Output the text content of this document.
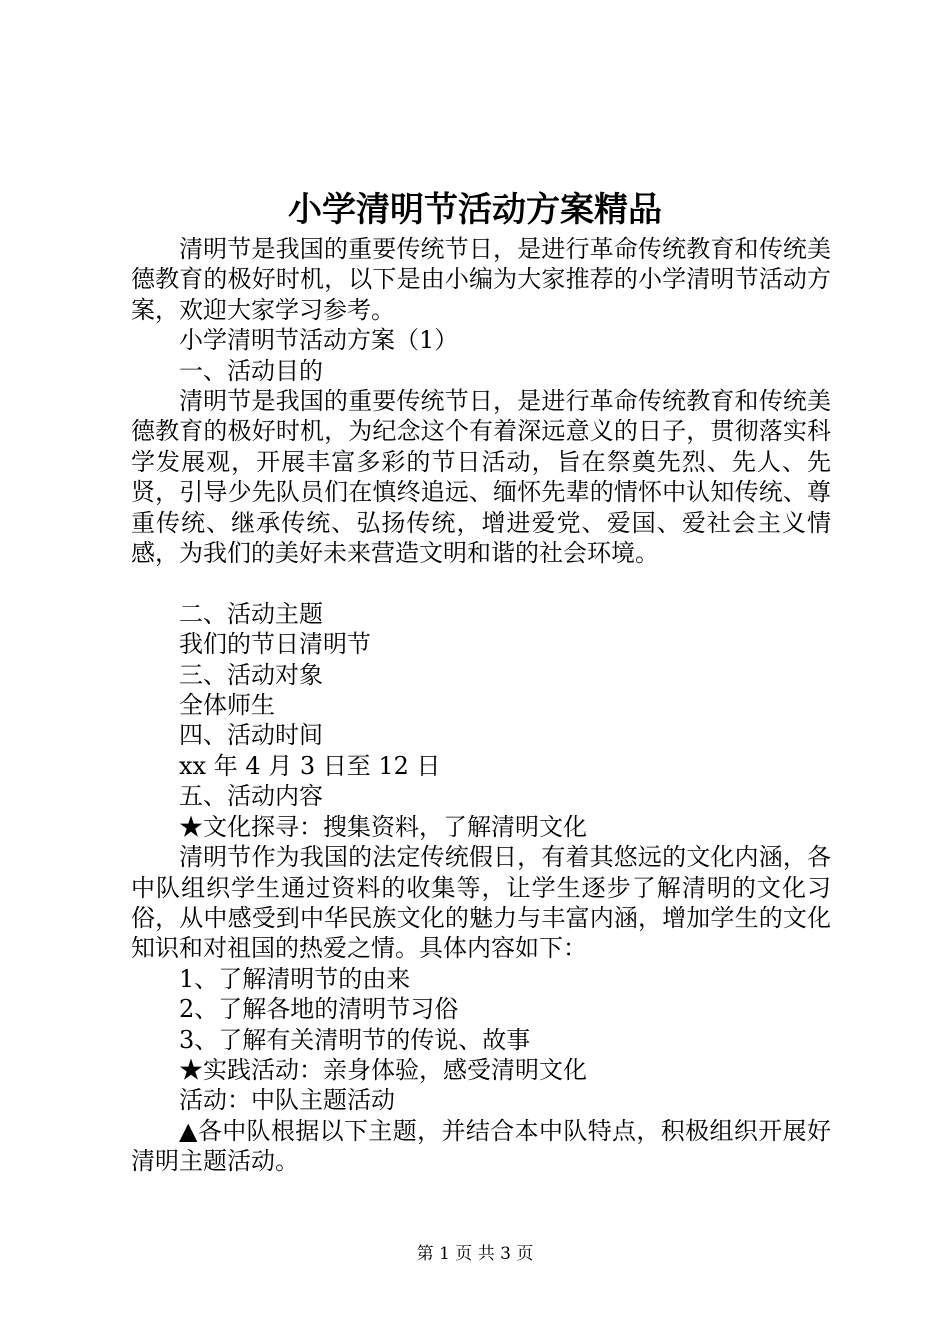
小学清明节活动方案精品

清明节是我国的重要传统节日，是进行革命传统教育和传统美德教育的极好时机，以下是由小编为大家推荐的小学清明节活动方案，欢迎大家学习参考。

小学清明节活动方案（1）

一、活动目的

清明节是我国的重要传统节日，是进行革命传统教育和传统美德教育的极好时机，为纪念这个有着深远意义的日子，贯彻落实科学发展观，开展丰富多彩的节日活动，旨在祭奠先烈、先人、先贤，引导少先队员们在慎终追远、缅怀先辈的情怀中认知传统、尊重传统、继承传统、弘扬传统，增进爱党、爱国、爱社会主义情感，为我们的美好未来营造文明和谐的社会环境。

二、活动主题

我们的节日清明节

三、活动对象

全体师生

四、活动时间

xx 年 4 月 3 日至 12 日

五、活动内容

★文化探寻：搜集资料，了解清明文化

清明节作为我国的法定传统假日，有着其悠远的文化内涵，各中队组织学生通过资料的收集等，让学生逐步了解清明的文化习俗，从中感受到中华民族文化的魅力与丰富内涵，增加学生的文化知识和对祖国的热爱之情。具体内容如下：

1、了解清明节的由来

2、了解各地的清明节习俗

3、了解有关清明节的传说、故事

★实践活动：亲身体验，感受清明文化

活动：中队主题活动

▲各中队根据以下主题，并结合本中队特点，积极组织开展好清明主题活动。

第 1 页 共 3 页
